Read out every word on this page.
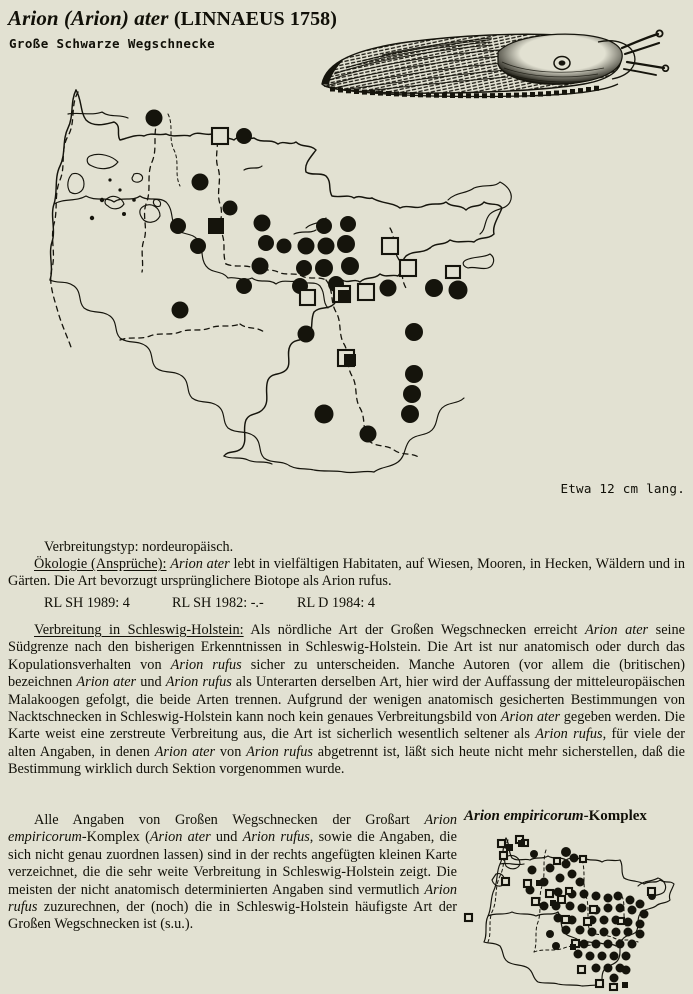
Arion (Arion) ater (LINNAEUS 1758)
Große Schwarze Wegschnecke
Etwa 12 cm lang.

Verbreitungstyp: nordeuropäisch.

RL SH 1989: 4	RL SH 1982: -.- RL D 1984: 4

Ökologie (Ansprüche): Arion ater lebt in vielfältigen Habitaten, auf Wiesen, Mooren, in Hecken, Wäldern und in Gärten. Die Art bevorzugt ursprünglichere Biotope als Arion rufus.

Verbreitung in Schleswig-Holstein: Als nördliche Art der Großen Wegschnecken erreicht Arion ater seine Südgrenze nach den bisherigen Erkenntnissen in Schleswig-Holstein. Die Art ist nur anatomisch oder durch das Kopulationsverhalten von Arion rufus sicher zu unterscheiden. Manche Autoren (vor allem die (britischen) bezeichnen Arion ater und Arion rufus als Unterarten derselben Art, hier wird der Auffassung der mitteleuropäischen Malakoogen gefolgt, die beide Arten trennen. Aufgrund der wenigen anatomisch gesicherten Bestimmungen von Nacktschnecken in Schleswig-Holstein kann noch kein genaues Verbreitungsbild von Arion ater gegeben werden. Die Karte weist eine zerstreute Verbreitung aus, die Art ist sicherlich wesentlich seltener als Arion rufus, für viele der alten Angaben, in denen Arion ater von Arion rufus abgetrennt ist, läßt sich heute nicht mehr sicherstellen, daß die Bestimmung wirklich durch Sektion vorgenommen wurde.

Alle Angaben von Großen Wegschnecken der Großart Arion empiricorum-Komplex (Arion ater und Arion rufus, sowie die Angaben, die sich nicht genau zuordnen lassen) sind in der rechts angefügten kleinen Karte verzeichnet, die die sehr weite Verbreitung in Schleswig-Holstein zeigt. Die meisten der nicht anatomisch determinierten Angaben sind vermutlich Arion rufus zuzurechnen, der (noch) die in Schleswig-Holstein häufigste Art der Großen Wegschnecken ist (s.u.).

Arion empiricorum-Komplex
